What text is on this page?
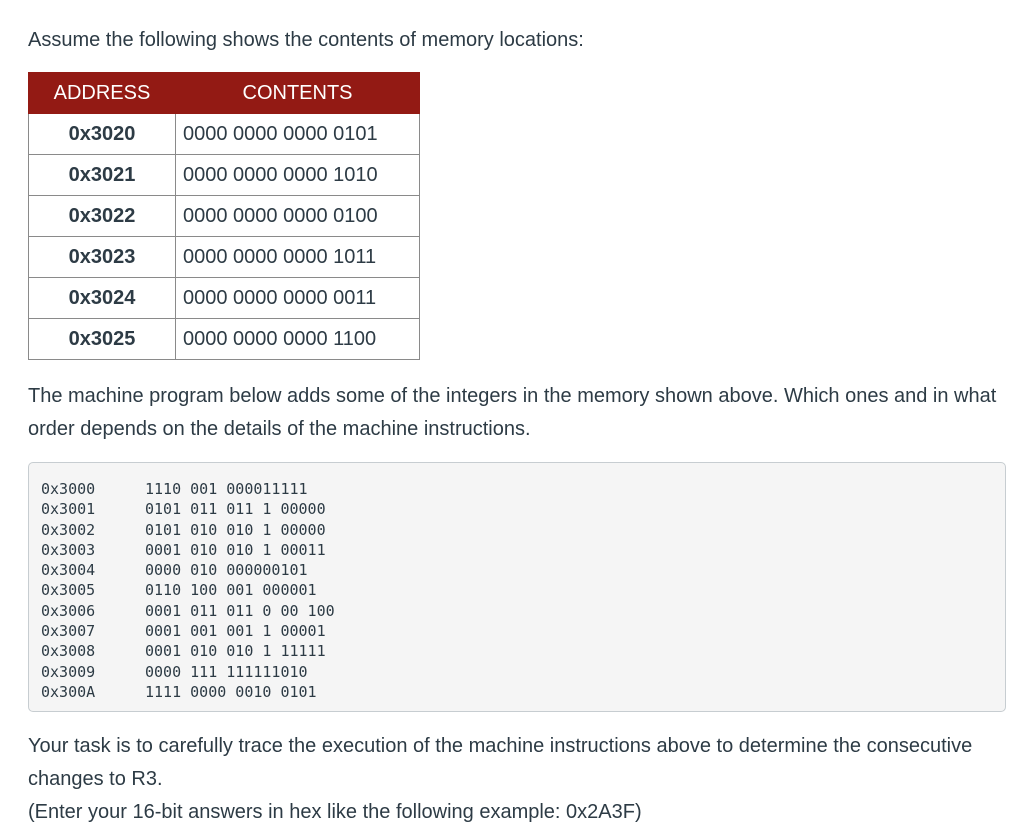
Assume the following shows the contents of memory locations:

ADDRESS	CONTENTS
0x3020	0000 0000 0000 0101
0x3021	0000 0000 0000 1010
0x3022	0000 0000 0000 0100
0x3023	0000 0000 0000 1011
0x3024	0000 0000 0000 0011
0x3025	0000 0000 0000 1100

The machine program below adds some of the integers in the memory shown above. Which ones and in what order depends on the details of the machine instructions.

0x3000	1110 001 000011111
0x3001	0101 011 011 1 00000
0x3002	0101 010 010 1 00000
0x3003	0001 010 010 1 00011
0x3004	0000 010 000000101
0x3005	0110 100 001 000001
0x3006	0001 011 011 0 00 100
0x3007	0001 001 001 1 00001
0x3008	0001 010 010 1 11111
0x3009	0000 111 111111010
0x300A	1111 0000 0010 0101

Your task is to carefully trace the execution of the machine instructions above to determine the consecutive changes to R3.
(Enter your 16-bit answers in hex like the following example: 0x2A3F)
